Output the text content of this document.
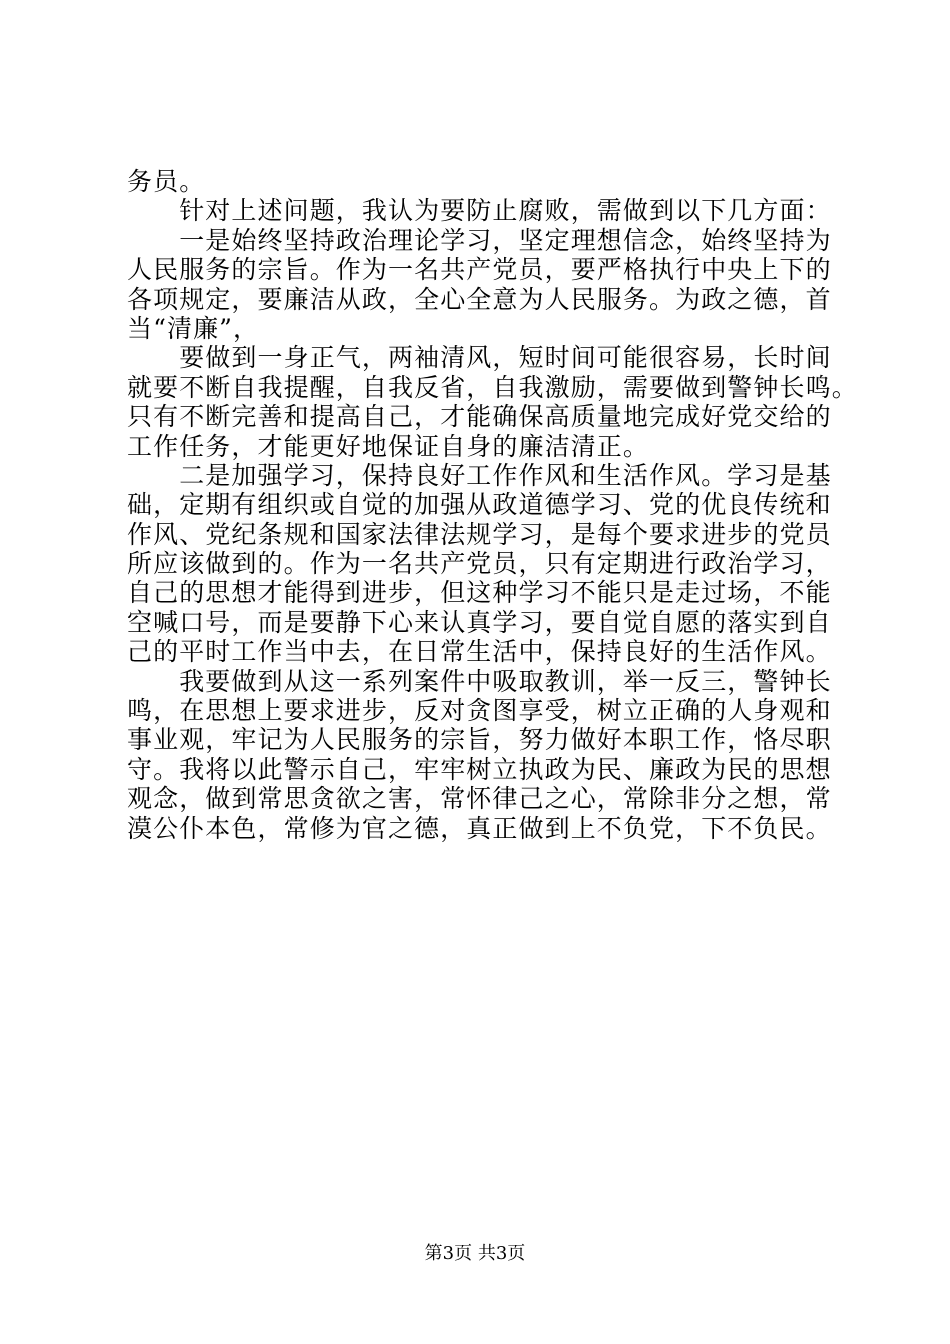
务员。
　　针对上述问题，我认为要防止腐败，需做到以下几方面：
　　一是始终坚持政治理论学习，坚定理想信念，始终坚持为
人民服务的宗旨。作为一名共产党员，要严格执行中央上下的
各项规定，要廉洁从政，全心全意为人民服务。为政之德，首
当“清廉”，
　　要做到一身正气，两袖清风，短时间可能很容易，长时间
就要不断自我提醒，自我反省，自我激励，需要做到警钟长鸣。
只有不断完善和提高自己，才能确保高质量地完成好党交给的
工作任务，才能更好地保证自身的廉洁清正。
　　二是加强学习，保持良好工作作风和生活作风。学习是基
础，定期有组织或自觉的加强从政道德学习、党的优良传统和
作风、党纪条规和国家法律法规学习，是每个要求进步的党员
所应该做到的。作为一名共产党员，只有定期进行政治学习，
自己的思想才能得到进步，但这种学习不能只是走过场，不能
空喊口号，而是要静下心来认真学习，要自觉自愿的落实到自
己的平时工作当中去，在日常生活中，保持良好的生活作风。
　　我要做到从这一系列案件中吸取教训，举一反三，警钟长
鸣，在思想上要求进步，反对贪图享受，树立正确的人身观和
事业观，牢记为人民服务的宗旨，努力做好本职工作，恪尽职
守。我将以此警示自己，牢牢树立执政为民、廉政为民的思想
观念，做到常思贪欲之害，常怀律己之心，常除非分之想，常
漠公仆本色，常修为官之德，真正做到上不负党，下不负民。
第3页 共3页
